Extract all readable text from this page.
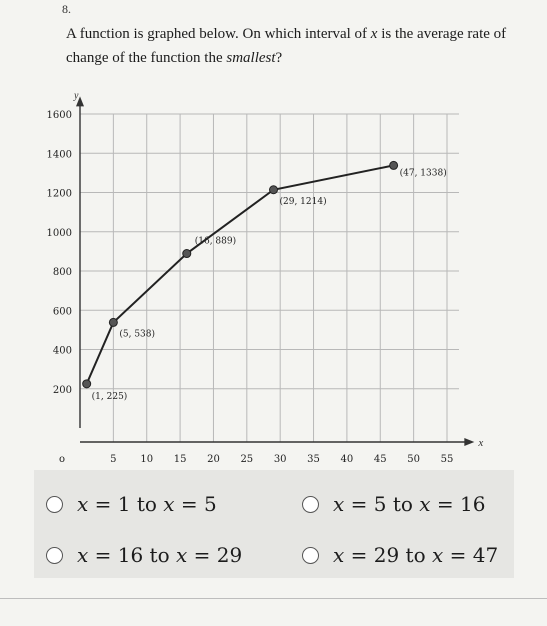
8.
A function is graphed below. On which interval of x is the average rate of change of the function the smallest?
y
x
200
400
600
800
1000
1200
1400
1600
o	5 10 15 20 25 30 35 40 45 50 55
(1, 225)
(5, 538)
(16, 889)
(29, 1214)
(47, 1338)
x = 1 to x = 5	x = 5 to x = 16
x = 16 to x = 29	x = 29 to x = 47
